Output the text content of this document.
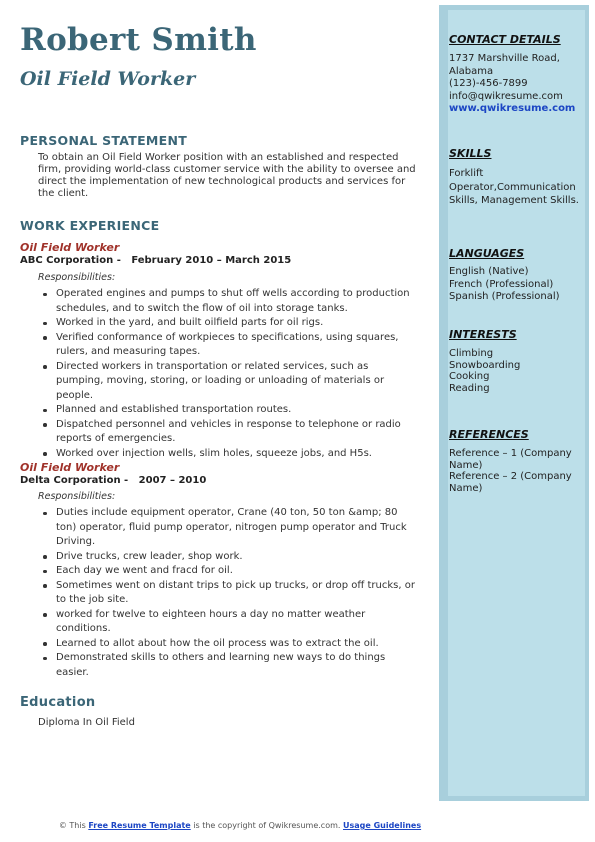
Robert Smith
Oil Field Worker
PERSONAL STATEMENT
To obtain an Oil Field Worker position with an established and respected firm, providing world-class customer service with the ability to oversee and direct the implementation of new technological products and services for the client.
WORK EXPERIENCE
Oil Field Worker
ABC Corporation - February 2010 – March 2015
Responsibilities:
Operated engines and pumps to shut off wells according to production schedules, and to switch the flow of oil into storage tanks.
Worked in the yard, and built oilfield parts for oil rigs.
Verified conformance of workpieces to specifications, using squares, rulers, and measuring tapes.
Directed workers in transportation or related services, such as pumping, moving, storing, or loading or unloading of materials or people.
Planned and established transportation routes.
Dispatched personnel and vehicles in response to telephone or radio reports of emergencies.
Worked over injection wells, slim holes, squeeze jobs, and H5s.
Oil Field Worker
Delta Corporation - 2007 – 2010
Responsibilities:
Duties include equipment operator, Crane (40 ton, 50 ton &amp; 80 ton) operator, fluid pump operator, nitrogen pump operator and Truck Driving.
Drive trucks, crew leader, shop work.
Each day we went and fracd for oil.
Sometimes went on distant trips to pick up trucks, or drop off trucks, or to the job site.
worked for twelve to eighteen hours a day no matter weather conditions.
Learned to allot about how the oil process was to extract the oil.
Demonstrated skills to others and learning new ways to do things easier.
Education
Diploma In Oil Field
CONTACT DETAILS
1737 Marshville Road,
Alabama
(123)-456-7899
info@qwikresume.com
www.qwikresume.com
SKILLS
Forklift Operator,Communication Skills, Management Skills.
LANGUAGES
English (Native)
French (Professional)
Spanish (Professional)
INTERESTS
Climbing
Snowboarding
Cooking
Reading
REFERENCES
Reference – 1 (Company Name)
Reference – 2 (Company Name)
© This Free Resume Template is the copyright of Qwikresume.com. Usage Guidelines
